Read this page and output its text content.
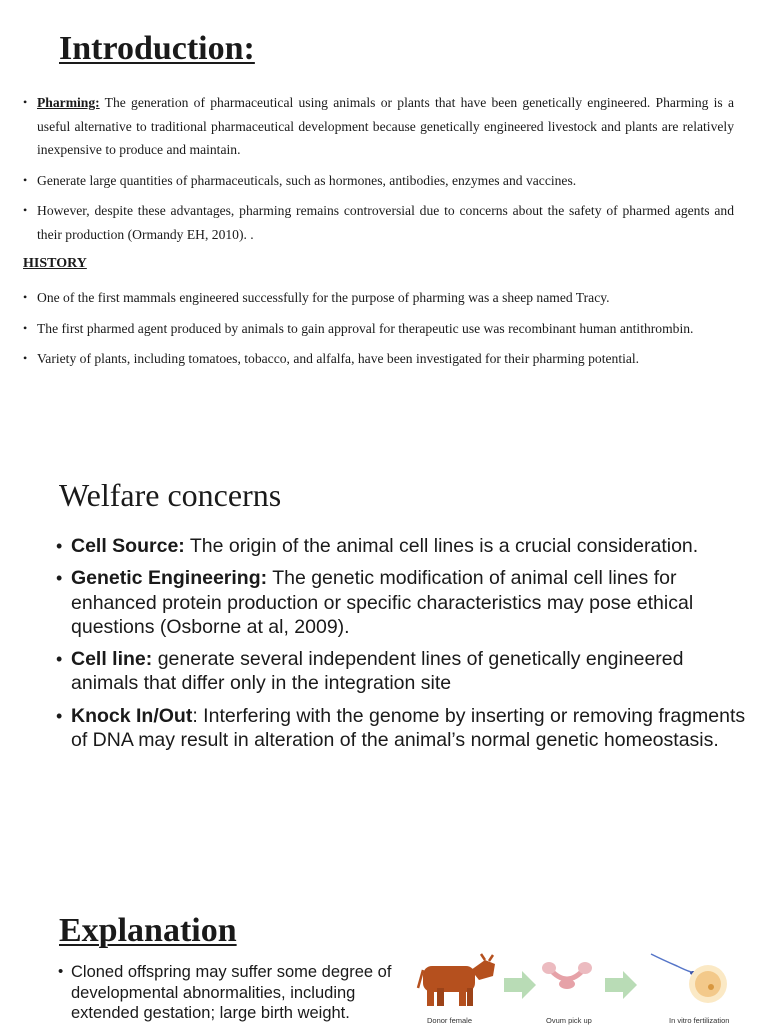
Introduction:
• Pharming: The generation of pharmaceutical using animals or plants that have been genetically engineered. Pharming is a useful alternative to traditional pharmaceutical development because genetically engineered livestock and plants are relatively inexpensive to produce and maintain.
• Generate large quantities of pharmaceuticals, such as hormones, antibodies, enzymes and vaccines.
• However, despite these advantages, pharming remains controversial due to concerns about the safety of pharmed agents and their production (Ormandy EH, 2010). .
HISTORY
• One of the first mammals engineered successfully for the purpose of pharming was a sheep named Tracy.
• The first pharmed agent produced by animals to gain approval for therapeutic use was recombinant human antithrombin.
• Variety of plants, including tomatoes, tobacco, and alfalfa, have been investigated for their pharming potential.
Welfare concerns
• Cell Source: The origin of the animal cell lines is a crucial consideration.
• Genetic Engineering: The genetic modification of animal cell lines for enhanced protein production or specific characteristics may pose ethical questions (Osborne at al, 2009).
• Cell line: generate several independent lines of genetically engineered animals that differ only in the integration site
• Knock In/Out: Interfering with the genome by inserting or removing fragments of DNA may result in alteration of the animal’s normal genetic homeostasis.
Explanation
• Cloned offspring may suffer some degree of developmental abnormalities, including extended gestation; large birth weight.	Donor female	Ovum pick up	In vitro fertilization
